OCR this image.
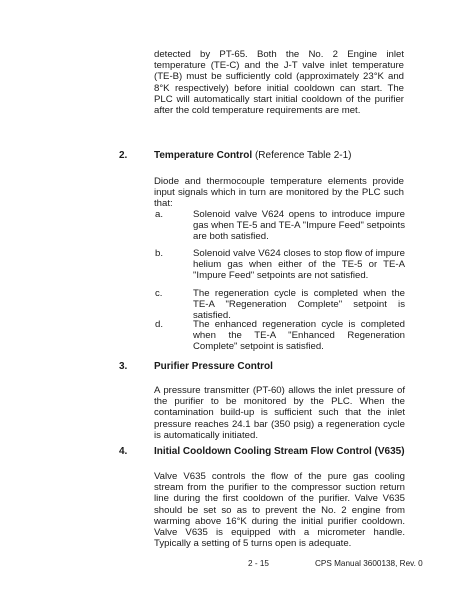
detected by PT-65. Both the No. 2 Engine inlet temperature (TE-C) and the J-T valve inlet temperature (TE-B) must be sufficiently cold (approximately 23°K and 8°K respectively) before initial cooldown can start. The PLC will automatically start initial cooldown of the purifier after the cold temperature requirements are met.
2.	Temperature Control (Reference Table 2-1)
Diode and thermocouple temperature elements provide input signals which in turn are monitored by the PLC such that:
a.	Solenoid valve V624 opens to introduce impure gas when TE-5 and TE-A "Impure Feed" setpoints are both satisfied.
b.	Solenoid valve V624 closes to stop flow of impure helium gas when either of the TE-5 or TE-A "Impure Feed" setpoints are not satisfied.
c.	The regeneration cycle is completed when the TE-A "Regeneration Complete" setpoint is satisfied.
d.	The enhanced regeneration cycle is completed when the TE-A "Enhanced Regeneration Complete" setpoint is satisfied.
3.	Purifier Pressure Control
A pressure transmitter (PT-60) allows the inlet pressure of the purifier to be monitored by the PLC. When the contamination build-up is sufficient such that the inlet pressure reaches 24.1 bar (350 psig) a regeneration cycle is automatically initiated.
4.	Initial Cooldown Cooling Stream Flow Control (V635)
Valve V635 controls the flow of the pure gas cooling stream from the purifier to the compressor suction return line during the first cooldown of the purifier. Valve V635 should be set so as to prevent the No. 2 engine from warming above 16°K during the initial purifier cooldown. Valve V635 is equipped with a micrometer handle. Typically a setting of 5 turns open is adequate.
2 - 15	CPS Manual 3600138, Rev. 0
